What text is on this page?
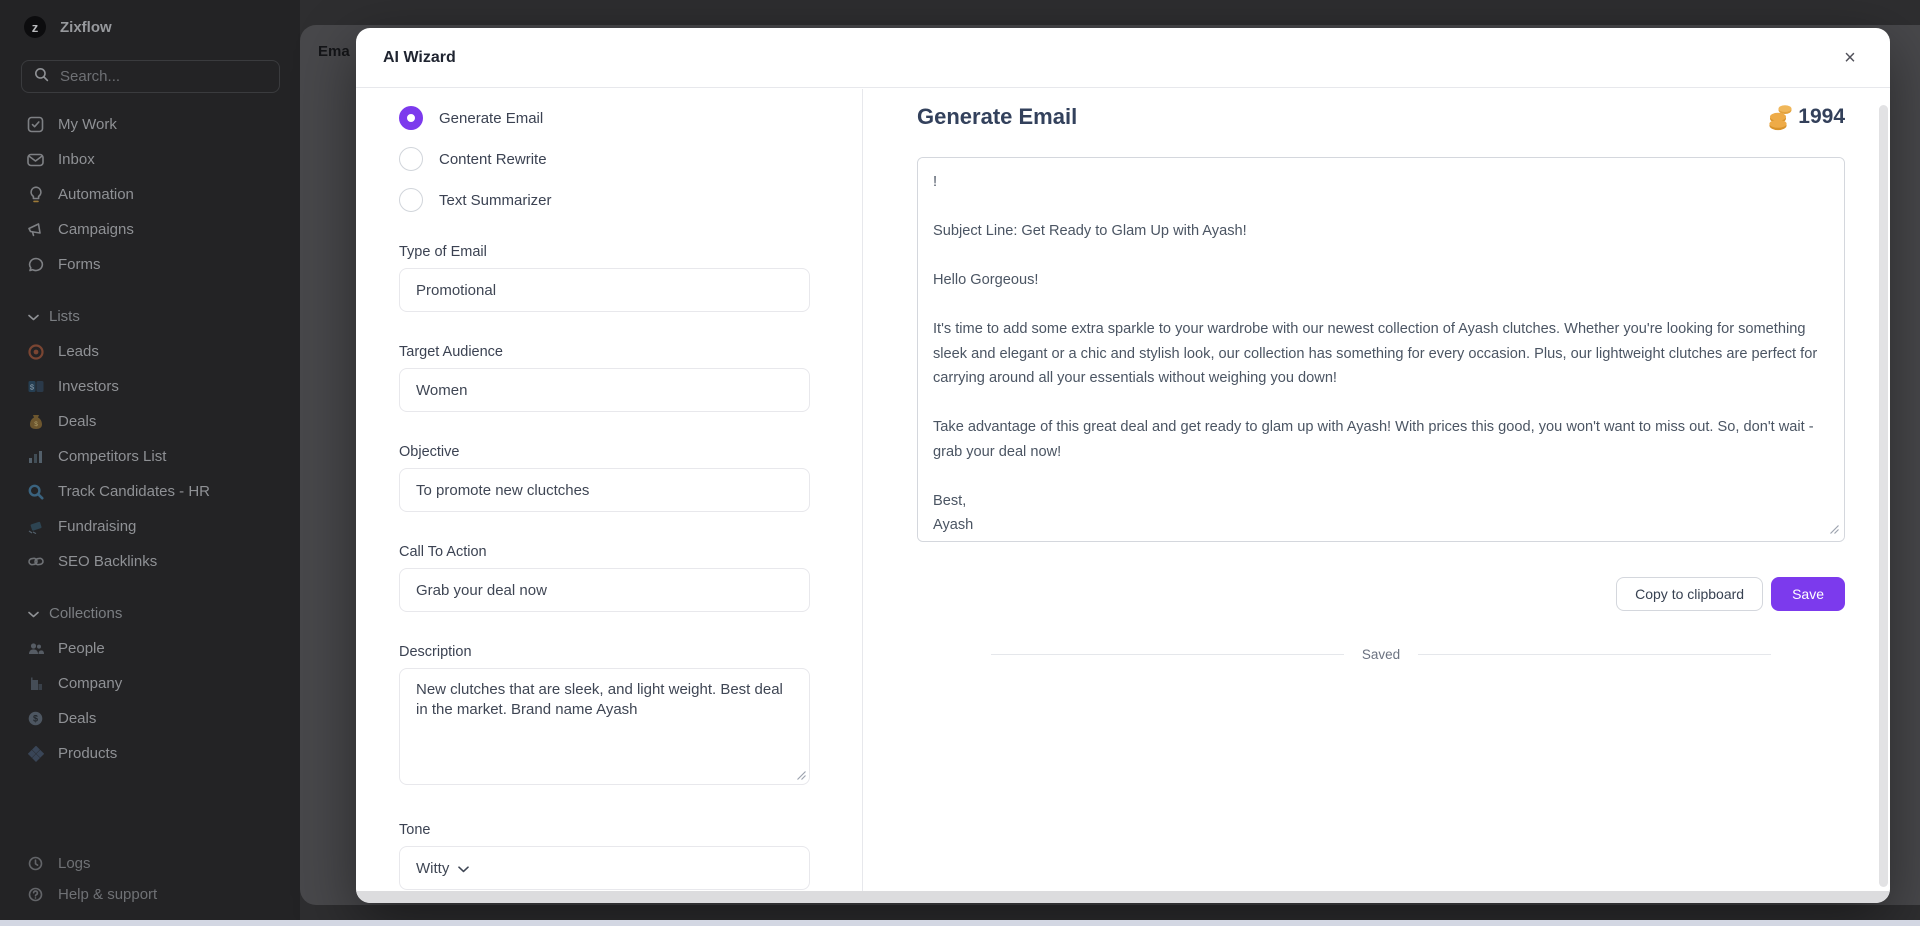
z	Zixflow
Search...
My Work
Inbox
Automation
Campaigns
Forms
Lists
Leads
$ Investors
$ Deals
Competitors List
Track Candidates - HR
Fundraising
SEO Backlinks
Collections
People
Company
$ Deals
Products
Logs
Help & support
Ema AI Wizard	×
Generate Email
Content Rewrite
Text Summarizer
Type of Email
Promotional
Target Audience
Women
Objective
To promote new cluctches
Call To Action
Grab your deal now
Description
New clutches that are sleek, and light weight. Best deal in the market. Brand name Ayash
Tone
Witty
Generate Email	1994
! Subject Line: Get Ready to Glam Up with Ayash! Hello Gorgeous! It's time to add some extra sparkle to your wardrobe with our newest collection of Ayash clutches. Whether you're looking for something sleek and elegant or a chic and stylish look, our collection has something for every occasion. Plus, our lightweight clutches are perfect for carrying around all your essentials without weighing you down! Take advantage of this great deal and get ready to glam up with Ayash! With prices this good, you won't want to miss out. So, don't wait - grab your deal now! Best, Ayash
Copy to clipboard	Save
Saved
